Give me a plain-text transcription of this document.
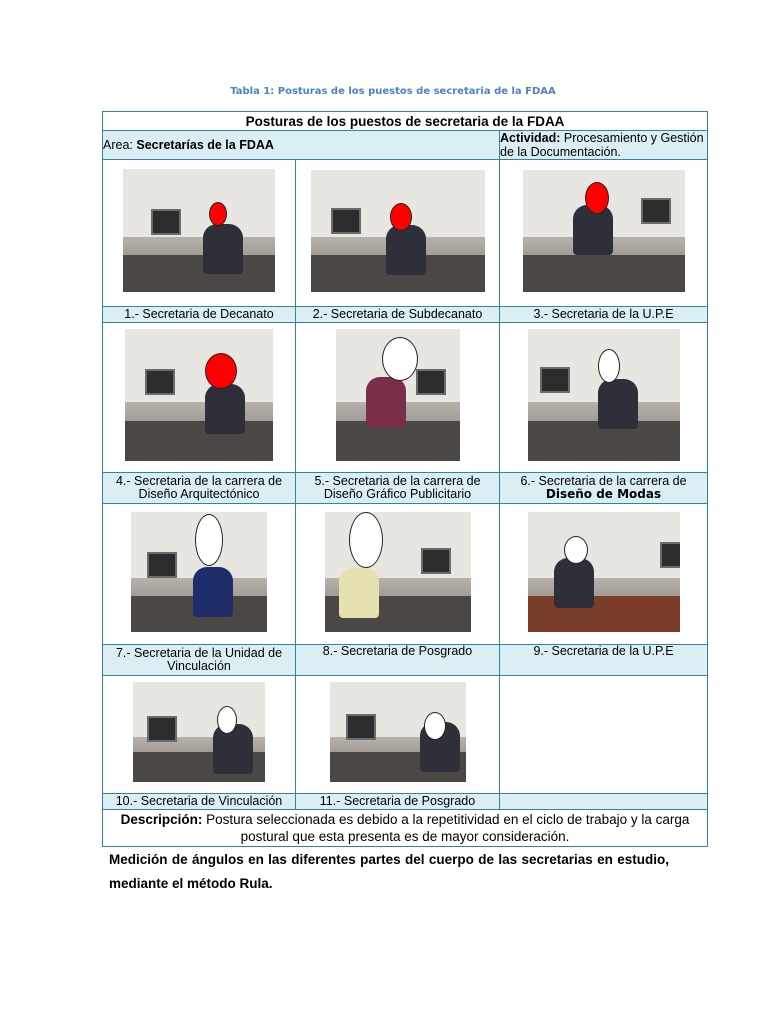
Tabla 1: Posturas de los puestos de secretaria de la FDAA
Posturas de los puestos de secretaria de la FDAA		
Area: Secretarías de la FDAA		Actividad: Procesamiento y Gestión de la Documentación.

1.- Secretaria de Decanato	2.- Secretaria de Subdecanato	3.- Secretaria de la U.P.E

4.- Secretaria de la carrera de Diseño Arquitectónico	5.- Secretaria de la carrera de Diseño Gráfico Publicitario	6.- Secretaria de la carrera de
Diseño de Modas

7.- Secretaria de la Unidad de Vinculación	8.- Secretaria de Posgrado	9.- Secretaria de la U.P.E

10.- Secretaria de Vinculación	11.- Secretaria de Posgrado	
Descripción: Postura seleccionada es debido a la repetitividad en el ciclo de trabajo y la carga postural que esta presenta es de mayor consideración.		
Medición de ángulos en las diferentes partes del cuerpo de las secretarias en estudio, mediante el método Rula.
